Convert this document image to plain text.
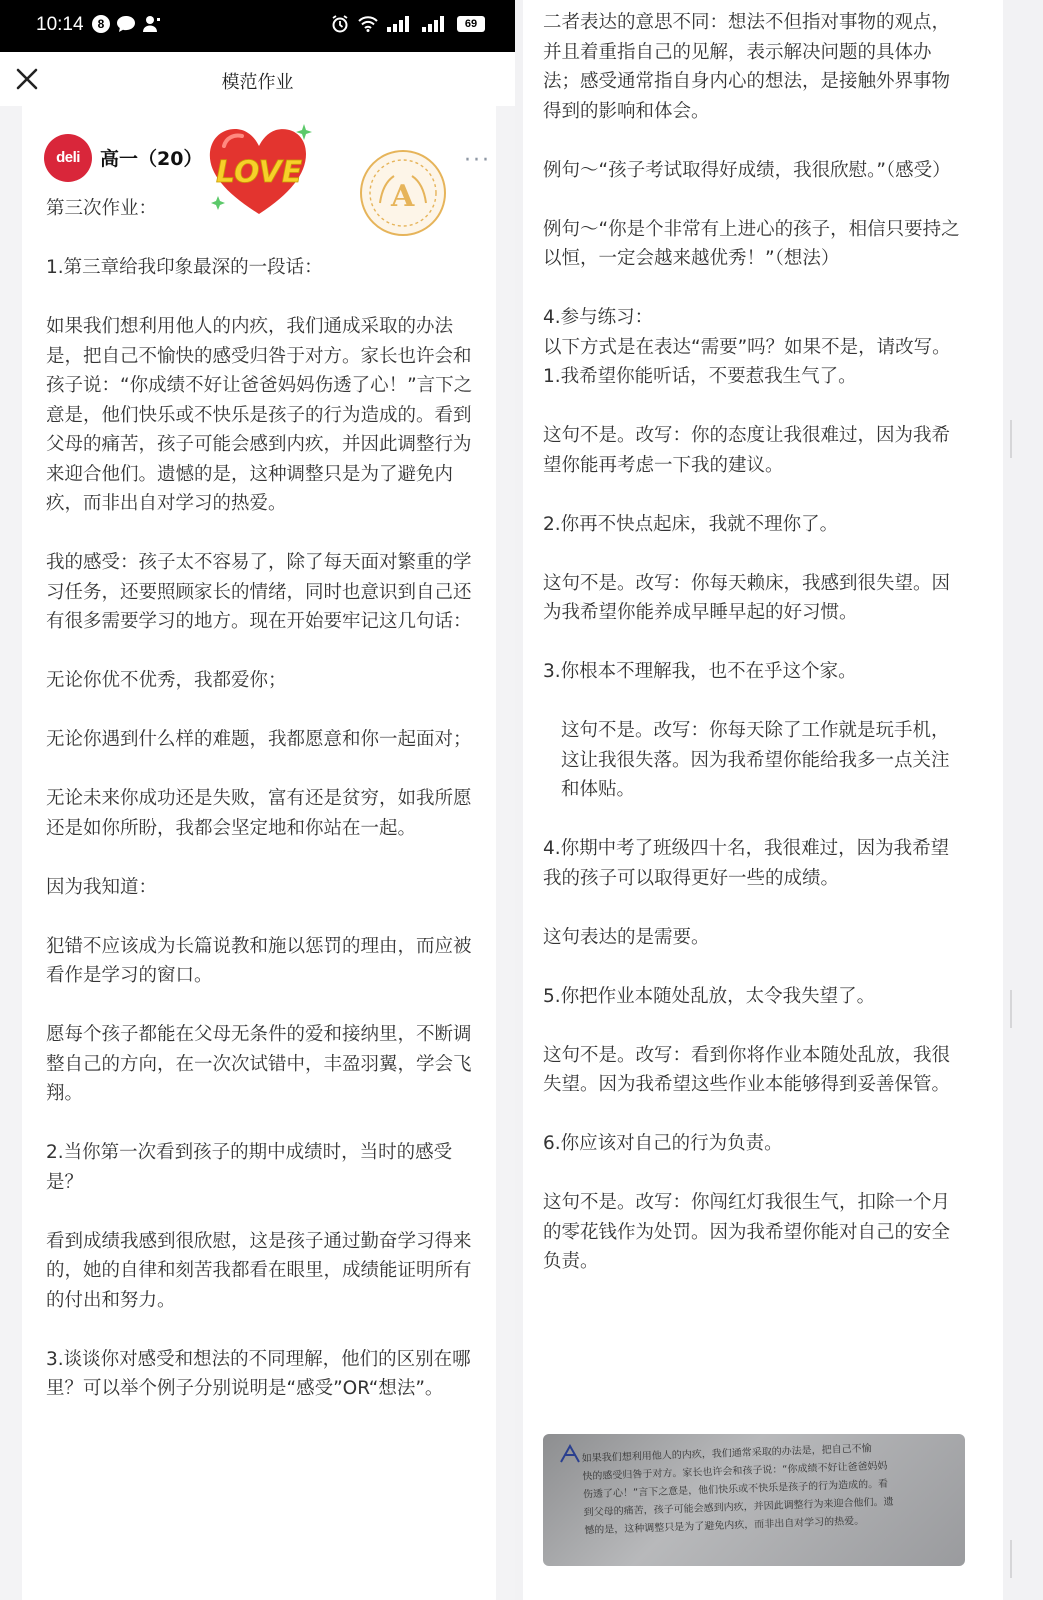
10:14	8	69
模范作业
deli	高一（20） LOVE
A
···

第三次作业：

1.第三章给我印象最深的一段话：

如果我们想利用他人的内疚，我们通成采取的办法是，把自己不愉快的感受归咎于对方。家长也许会和孩子说：“你成绩不好让爸爸妈妈伤透了心！”言下之意是，他们快乐或不快乐是孩子的行为造成的。看到父母的痛苦，孩子可能会感到内疚，并因此调整行为来迎合他们。遗憾的是，这种调整只是为了避免内疚，而非出自对学习的热爱。

我的感受：孩子太不容易了，除了每天面对繁重的学习任务，还要照顾家长的情绪，同时也意识到自己还有很多需要学习的地方。现在开始要牢记这几句话：

无论你优不优秀，我都爱你；

无论你遇到什么样的难题，我都愿意和你一起面对；

无论未来你成功还是失败，富有还是贫穷，如我所愿还是如你所盼，我都会坚定地和你站在一起。

因为我知道：

犯错不应该成为长篇说教和施以惩罚的理由，而应被看作是学习的窗口。

愿每个孩子都能在父母无条件的爱和接纳里，不断调整自己的方向，在一次次试错中，丰盈羽翼，学会飞翔。

2.当你第一次看到孩子的期中成绩时，当时的感受是？

看到成绩我感到很欣慰，这是孩子通过勤奋学习得来的，她的自律和刻苦我都看在眼里，成绩能证明所有的付出和努力。

3.谈谈你对感受和想法的不同理解，他们的区别在哪里？可以举个例子分别说明是“感受”OR“想法”。

二者表达的意思不同：想法不但指对事物的观点，并且着重指自己的见解，表示解决问题的具体办法；感受通常指自身内心的想法，是接触外界事物得到的影响和体会。

例句～“孩子考试取得好成绩，我很欣慰。”（感受）

例句～“你是个非常有上进心的孩子，相信只要持之以恒，一定会越来越优秀！”（想法）

4.参与练习：

以下方式是在表达“需要”吗？如果不是，请改写。

1.我希望你能听话，不要惹我生气了。

这句不是。改写：你的态度让我很难过，因为我希望你能再考虑一下我的建议。

2.你再不快点起床，我就不理你了。

这句不是。改写：你每天赖床，我感到很失望。因为我希望你能养成早睡早起的好习惯。

3.你根本不理解我，也不在乎这个家。

这句不是。改写：你每天除了工作就是玩手机，这让我很失落。因为我希望你能给我多一点关注和体贴。

4.你期中考了班级四十名，我很难过，因为我希望我的孩子可以取得更好一些的成绩。

这句表达的是需要。

5.你把作业本随处乱放，太令我失望了。

这句不是。改写：看到你将作业本随处乱放，我很失望。因为我希望这些作业本能够得到妥善保管。

6.你应该对自己的行为负责。

这句不是。改写：你闯红灯我很生气，扣除一个月的零花钱作为处罚。因为我希望你能对自己的安全负责。

如果我们想利用他人的内疚，我们通常采取的办法是，把自己不愉

快的感受归咎于对方。家长也许会和孩子说：“你成绩不好让爸爸妈妈

伤透了心！”言下之意是，他们快乐或不快乐是孩子的行为造成的。看

到父母的痛苦，孩子可能会感到内疚，并因此调整行为来迎合他们。遗

憾的是，这种调整只是为了避免内疚，而非出自对学习的热爱。
